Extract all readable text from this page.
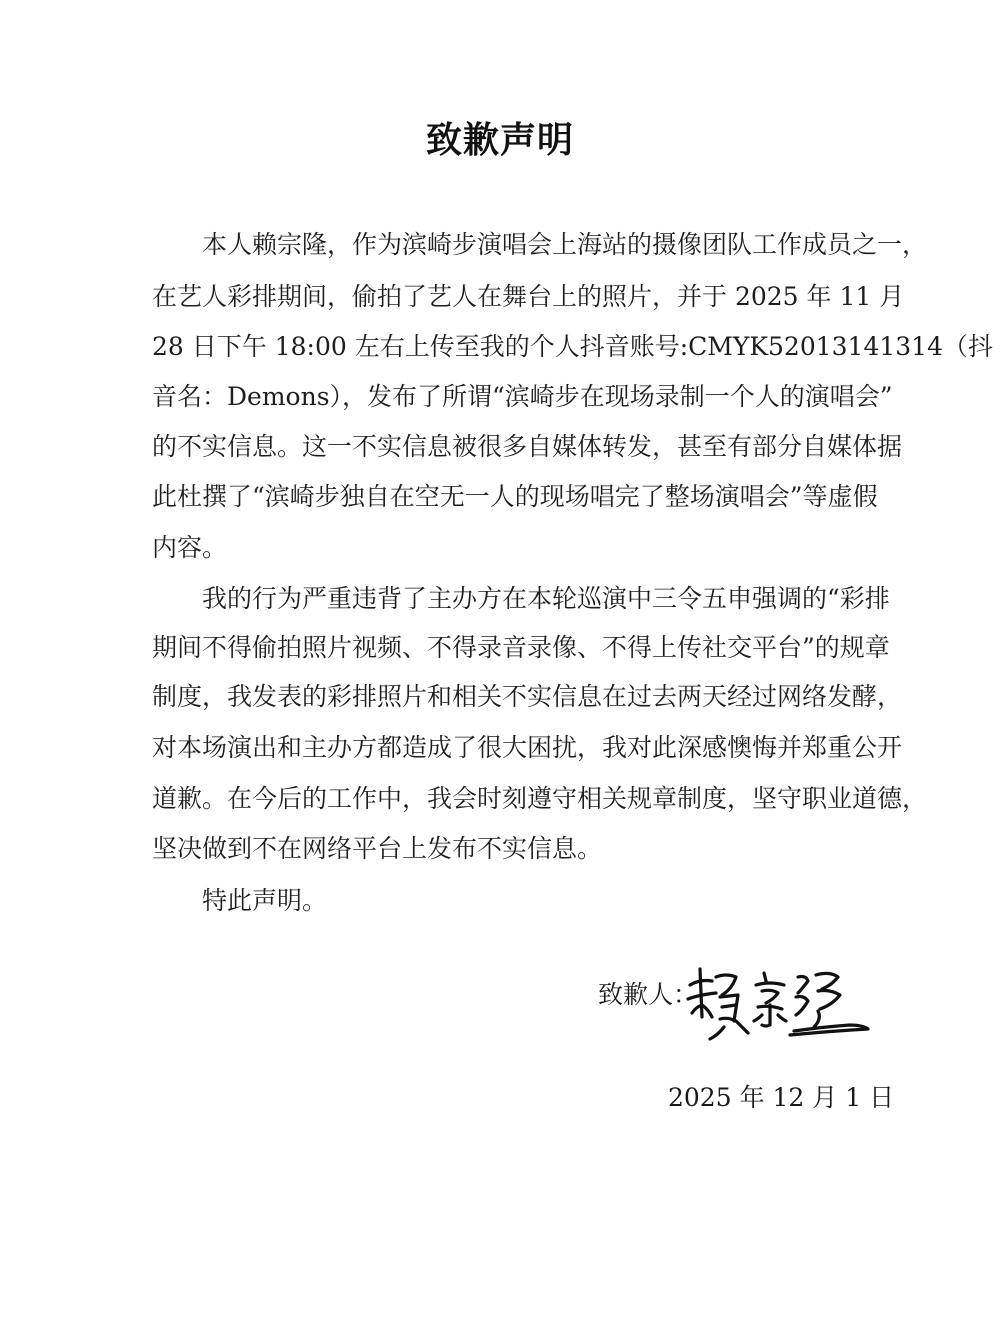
致歉声明
本人赖宗隆，作为滨崎步演唱会上海站的摄像团队工作成员之一，
在艺人彩排期间，偷拍了艺人在舞台上的照片，并于 2025 年 11 月
28 日下午 18:00 左右上传至我的个人抖音账号:CMYK52013141314（抖
音名：Demons），发布了所谓“滨崎步在现场录制一个人的演唱会”
的不实信息。这一不实信息被很多自媒体转发，甚至有部分自媒体据
此杜撰了“滨崎步独自在空无一人的现场唱完了整场演唱会”等虚假
内容。
我的行为严重违背了主办方在本轮巡演中三令五申强调的“彩排
期间不得偷拍照片视频、不得录音录像、不得上传社交平台”的规章
制度，我发表的彩排照片和相关不实信息在过去两天经过网络发酵，
对本场演出和主办方都造成了很大困扰，我对此深感懊悔并郑重公开
道歉。在今后的工作中，我会时刻遵守相关规章制度，坚守职业道德，
坚决做到不在网络平台上发布不实信息。
特此声明。
致歉人：
2025 年 12 月 1 日
